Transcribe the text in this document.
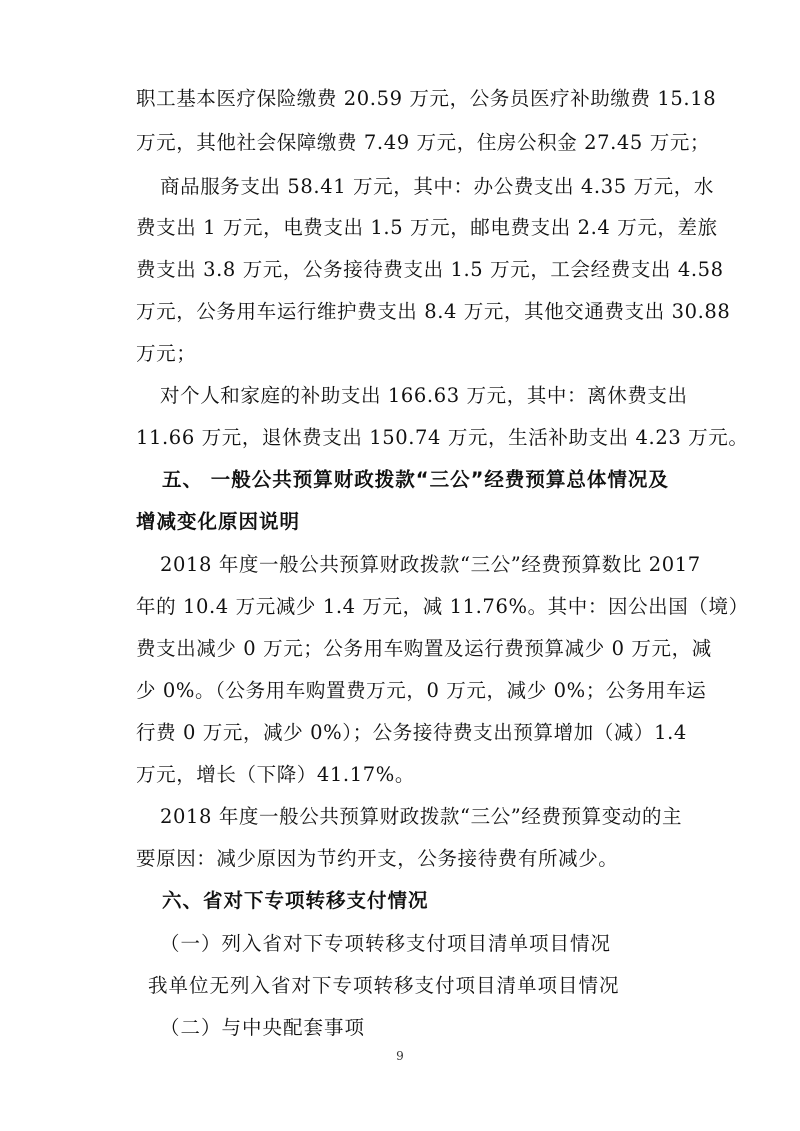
职工基本医疗保险缴费 20.59 万元，公务员医疗补助缴费 15.18
万元，其他社会保障缴费 7.49 万元，住房公积金 27.45 万元；
商品服务支出 58.41 万元，其中：办公费支出 4.35 万元，水
费支出 1 万元，电费支出 1.5 万元，邮电费支出 2.4 万元，差旅
费支出 3.8 万元，公务接待费支出 1.5 万元，工会经费支出 4.58
万元，公务用车运行维护费支出 8.4 万元，其他交通费支出 30.88
万元；
对个人和家庭的补助支出 166.63 万元，其中：离休费支出
11.66 万元，退休费支出 150.74 万元，生活补助支出 4.23 万元。
五、 一般公共预算财政拨款“三公”经费预算总体情况及
增减变化原因说明
2018 年度一般公共预算财政拨款“三公”经费预算数比 2017
年的 10.4 万元减少 1.4 万元，减 11.76%。其中：因公出国（境）
费支出减少 0 万元；公务用车购置及运行费预算减少 0 万元，减
少 0%。（公务用车购置费万元，0 万元，减少 0%；公务用车运
行费 0 万元，减少 0%）；公务接待费支出预算增加（减）1.4
万元，增长（下降）41.17%。
2018 年度一般公共预算财政拨款“三公”经费预算变动的主
要原因：减少原因为节约开支，公务接待费有所减少。
六、省对下专项转移支付情况
（一）列入省对下专项转移支付项目清单项目情况
我单位无列入省对下专项转移支付项目清单项目情况
（二）与中央配套事项
9
